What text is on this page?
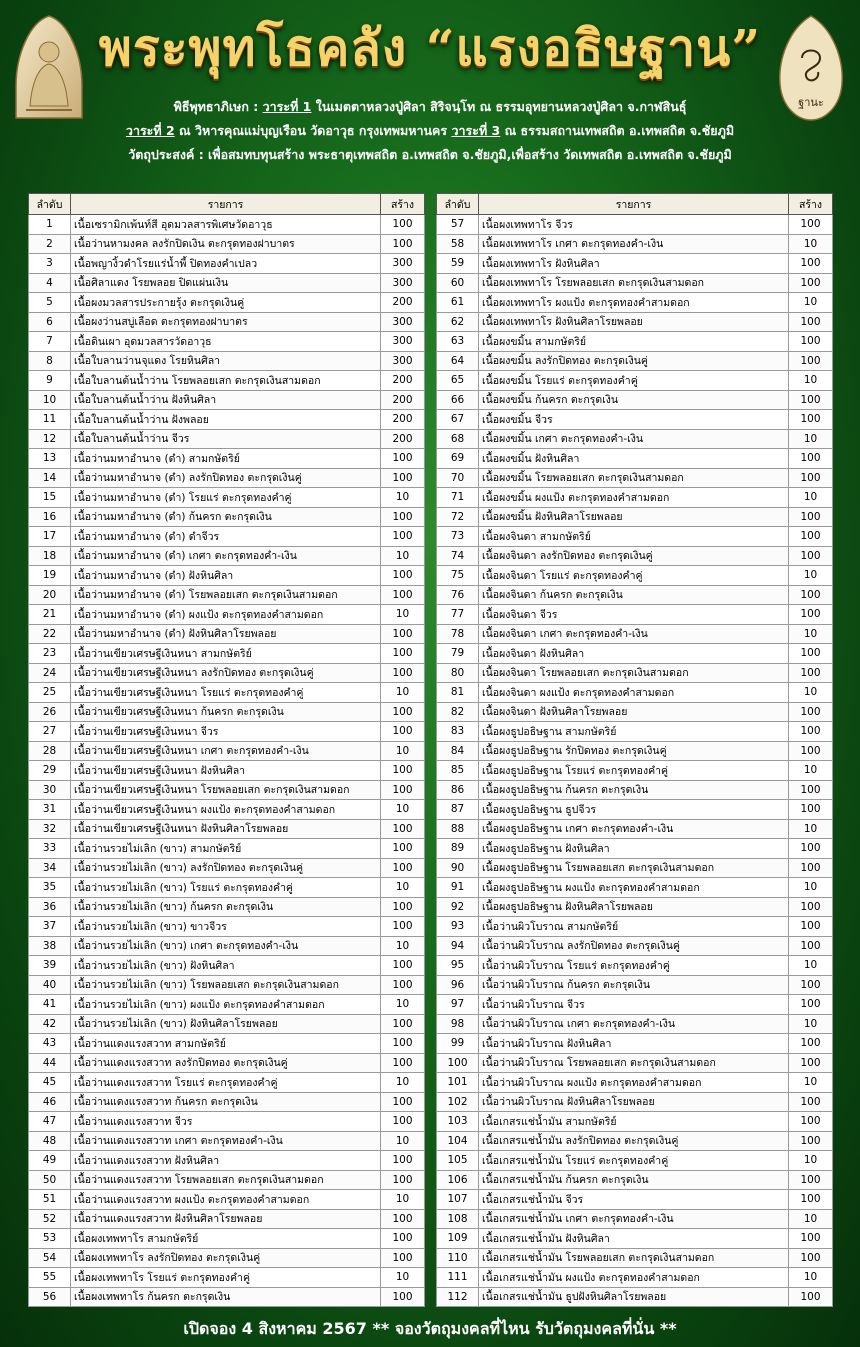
พระพุทโธคลัง “แรงอธิษฐาน”
ฐานะ
พิธีพุทธาภิเษก : วาระที่ 1 ในเมตตาหลวงปู่ศิลา สิริจนฺโท ณ ธรรมอุทยานหลวงปู่ศิลา จ.กาฬสินธุ์
วาระที่ 2 ณ วิหารคุณแม่บุญเรือน วัดอาวุธ กรุงเทพมหานคร วาระที่ 3 ณ ธรรมสถานเทพสถิต อ.เทพสถิต จ.ชัยภูมิ
วัตถุประสงค์ : เพื่อสมทบทุนสร้าง พระธาตุเทพสถิต อ.เทพสถิต จ.ชัยภูมิ,เพื่อสร้าง วัดเทพสถิต อ.เทพสถิต จ.ชัยภูมิ
ลำดับ	รายการ	สร้าง
1	เนื้อเซรามิกเพ้นท์สี อุดมวลสารพิเศษวัดอาวุธ	100
2	เนื้อว่านหามงคล ลงรักปิดเงิน ตะกรุดทองฝาบาตร	100
3	เนื้อพญางิ้วดำโรยแร่น้ำพี้ ปิดทองคำเปลว	300
4	เนื้อศิลาแดง โรยพลอย ปิดแผ่นเงิน	300
5	เนื้อผงมวลสารประกายรุ้ง ตะกรุดเงินคู่	200
6	เนื้อผงว่านสบู่เลือด ตะกรุดทองฝาบาตร	300
7	เนื้อดินเผา อุดมวลสารวัดอาวุธ	300
8	เนื้อใบลานว่านจุแดง โรยหินศิลา	300
9	เนื้อใบลานต้นน้ำว่าน โรยพลอยเสก ตะกรุดเงินสามดอก	200
10	เนื้อใบลานต้นน้ำว่าน ฝังหินศิลา	200
11	เนื้อใบลานต้นน้ำว่าน ฝังพลอย	200
12	เนื้อใบลานต้นน้ำว่าน จีวร	200
13	เนื้อว่านมหาอำนาจ (ดำ) สามกษัตริย์	100
14	เนื้อว่านมหาอำนาจ (ดำ) ลงรักปิดทอง ตะกรุดเงินคู่	100
15	เนื้อว่านมหาอำนาจ (ดำ) โรยแร่ ตะกรุดทองคำคู่	10
16	เนื้อว่านมหาอำนาจ (ดำ) ก้นครก ตะกรุดเงิน	100
17	เนื้อว่านมหาอำนาจ (ดำ) ดำจีวร	100
18	เนื้อว่านมหาอำนาจ (ดำ) เกศา ตะกรุดทองคำ-เงิน	10
19	เนื้อว่านมหาอำนาจ (ดำ) ฝังหินศิลา	100
20	เนื้อว่านมหาอำนาจ (ดำ) โรยพลอยเสก ตะกรุดเงินสามดอก	100
21	เนื้อว่านมหาอำนาจ (ดำ) ผงแป้ง ตะกรุดทองคำสามดอก	10
22	เนื้อว่านมหาอำนาจ (ดำ) ฝังหินศิลาโรยพลอย	100
23	เนื้อว่านเขียวเศรษฐีเงินหนา สามกษัตริย์	100
24	เนื้อว่านเขียวเศรษฐีเงินหนา ลงรักปิดทอง ตะกรุดเงินคู่	100
25	เนื้อว่านเขียวเศรษฐีเงินหนา โรยแร่ ตะกรุดทองคำคู่	10
26	เนื้อว่านเขียวเศรษฐีเงินหนา ก้นครก ตะกรุดเงิน	100
27	เนื้อว่านเขียวเศรษฐีเงินหนา จีวร	100
28	เนื้อว่านเขียวเศรษฐีเงินหนา เกศา ตะกรุดทองคำ-เงิน	10
29	เนื้อว่านเขียวเศรษฐีเงินหนา ฝังหินศิลา	100
30	เนื้อว่านเขียวเศรษฐีเงินหนา โรยพลอยเสก ตะกรุดเงินสามดอก	100
31	เนื้อว่านเขียวเศรษฐีเงินหนา ผงแป้ง ตะกรุดทองคำสามดอก	10
32	เนื้อว่านเขียวเศรษฐีเงินหนา ฝังหินศิลาโรยพลอย	100
33	เนื้อว่านรวยไม่เลิก (ขาว) สามกษัตริย์	100
34	เนื้อว่านรวยไม่เลิก (ขาว) ลงรักปิดทอง ตะกรุดเงินคู่	100
35	เนื้อว่านรวยไม่เลิก (ขาว) โรยแร่ ตะกรุดทองคำคู่	10
36	เนื้อว่านรวยไม่เลิก (ขาว) ก้นครก ตะกรุดเงิน	100
37	เนื้อว่านรวยไม่เลิก (ขาว) ขาวจีวร	100
38	เนื้อว่านรวยไม่เลิก (ขาว) เกศา ตะกรุดทองคำ-เงิน	10
39	เนื้อว่านรวยไม่เลิก (ขาว) ฝังหินศิลา	100
40	เนื้อว่านรวยไม่เลิก (ขาว) โรยพลอยเสก ตะกรุดเงินสามดอก	100
41	เนื้อว่านรวยไม่เลิก (ขาว) ผงแป้ง ตะกรุดทองคำสามดอก	10
42	เนื้อว่านรวยไม่เลิก (ขาว) ฝังหินศิลาโรยพลอย	100
43	เนื้อว่านแดงแรงสวาท สามกษัตริย์	100
44	เนื้อว่านแดงแรงสวาท ลงรักปิดทอง ตะกรุดเงินคู่	100
45	เนื้อว่านแดงแรงสวาท โรยแร่ ตะกรุดทองคำคู่	10
46	เนื้อว่านแดงแรงสวาท ก้นครก ตะกรุดเงิน	100
47	เนื้อว่านแดงแรงสวาท จีวร	100
48	เนื้อว่านแดงแรงสวาท เกศา ตะกรุดทองคำ-เงิน	10
49	เนื้อว่านแดงแรงสวาท ฝังหินศิลา	100
50	เนื้อว่านแดงแรงสวาท โรยพลอยเสก ตะกรุดเงินสามดอก	100
51	เนื้อว่านแดงแรงสวาท ผงแป้ง ตะกรุดทองคำสามดอก	10
52	เนื้อว่านแดงแรงสวาท ฝังหินศิลาโรยพลอย	100
53	เนื้อผงเทพทาโร สามกษัตริย์	100
54	เนื้อผงเทพทาโร ลงรักปิดทอง ตะกรุดเงินคู่	100
55	เนื้อผงเทพทาโร โรยแร่ ตะกรุดทองคำคู่	10
56	เนื้อผงเทพทาโร ก้นครก ตะกรุดเงิน	100
ลำดับ	รายการ	สร้าง
57	เนื้อผงเทพทาโร จีวร	100
58	เนื้อผงเทพทาโร เกศา ตะกรุดทองคำ-เงิน	10
59	เนื้อผงเทพทาโร ฝังหินศิลา	100
60	เนื้อผงเทพทาโร โรยพลอยเสก ตะกรุดเงินสามดอก	100
61	เนื้อผงเทพทาโร ผงแป้ง ตะกรุดทองคำสามดอก	10
62	เนื้อผงเทพทาโร ฝังหินศิลาโรยพลอย	100
63	เนื้อผงขมิ้น สามกษัตริย์	100
64	เนื้อผงขมิ้น ลงรักปิดทอง ตะกรุดเงินคู่	100
65	เนื้อผงขมิ้น โรยแร่ ตะกรุดทองคำคู่	10
66	เนื้อผงขมิ้น ก้นครก ตะกรุดเงิน	100
67	เนื้อผงขมิ้น จีวร	100
68	เนื้อผงขมิ้น เกศา ตะกรุดทองคำ-เงิน	10
69	เนื้อผงขมิ้น ฝังหินศิลา	100
70	เนื้อผงขมิ้น โรยพลอยเสก ตะกรุดเงินสามดอก	100
71	เนื้อผงขมิ้น ผงแป้ง ตะกรุดทองคำสามดอก	10
72	เนื้อผงขมิ้น ฝังหินศิลาโรยพลอย	100
73	เนื้อผงจินดา สามกษัตริย์	100
74	เนื้อผงจินดา ลงรักปิดทอง ตะกรุดเงินคู่	100
75	เนื้อผงจินดา โรยแร่ ตะกรุดทองคำคู่	10
76	เนื้อผงจินดา ก้นครก ตะกรุดเงิน	100
77	เนื้อผงจินดา จีวร	100
78	เนื้อผงจินดา เกศา ตะกรุดทองคำ-เงิน	10
79	เนื้อผงจินดา ฝังหินศิลา	100
80	เนื้อผงจินดา โรยพลอยเสก ตะกรุดเงินสามดอก	100
81	เนื้อผงจินดา ผงแป้ง ตะกรุดทองคำสามดอก	10
82	เนื้อผงจินดา ฝังหินศิลาโรยพลอย	100
83	เนื้อผงธูปอธิษฐาน สามกษัตริย์	100
84	เนื้อผงธูปอธิษฐาน รักปิดทอง ตะกรุดเงินคู่	100
85	เนื้อผงธูปอธิษฐาน โรยแร่ ตะกรุดทองคำคู่	10
86	เนื้อผงธูปอธิษฐาน ก้นครก ตะกรุดเงิน	100
87	เนื้อผงธูปอธิษฐาน ธูปจีวร	100
88	เนื้อผงธูปอธิษฐาน เกศา ตะกรุดทองคำ-เงิน	10
89	เนื้อผงธูปอธิษฐาน ฝังหินศิลา	100
90	เนื้อผงธูปอธิษฐาน โรยพลอยเสก ตะกรุดเงินสามดอก	100
91	เนื้อผงธูปอธิษฐาน ผงแป้ง ตะกรุดทองคำสามดอก	10
92	เนื้อผงธูปอธิษฐาน ฝังหินศิลาโรยพลอย	100
93	เนื้อว่านผิวโบราณ สามกษัตริย์	100
94	เนื้อว่านผิวโบราณ ลงรักปิดทอง ตะกรุดเงินคู่	100
95	เนื้อว่านผิวโบราณ โรยแร่ ตะกรุดทองคำคู่	10
96	เนื้อว่านผิวโบราณ ก้นครก ตะกรุดเงิน	100
97	เนื้อว่านผิวโบราณ จีวร	100
98	เนื้อว่านผิวโบราณ เกศา ตะกรุดทองคำ-เงิน	10
99	เนื้อว่านผิวโบราณ ฝังหินศิลา	100
100	เนื้อว่านผิวโบราณ โรยพลอยเสก ตะกรุดเงินสามดอก	100
101	เนื้อว่านผิวโบราณ ผงแป้ง ตะกรุดทองคำสามดอก	10
102	เนื้อว่านผิวโบราณ ฝังหินศิลาโรยพลอย	100
103	เนื้อเกสรแช่น้ำมัน สามกษัตริย์	100
104	เนื้อเกสรแช่น้ำมัน ลงรักปิดทอง ตะกรุดเงินคู่	100
105	เนื้อเกสรแช่น้ำมัน โรยแร่ ตะกรุดทองคำคู่	10
106	เนื้อเกสรแช่น้ำมัน ก้นครก ตะกรุดเงิน	100
107	เนื้อเกสรแช่น้ำมัน จีวร	100
108	เนื้อเกสรแช่น้ำมัน เกศา ตะกรุดทองคำ-เงิน	10
109	เนื้อเกสรแช่น้ำมัน ฝังหินศิลา	100
110	เนื้อเกสรแช่น้ำมัน โรยพลอยเสก ตะกรุดเงินสามดอก	100
111	เนื้อเกสรแช่น้ำมัน ผงแป้ง ตะกรุดทองคำสามดอก	10
112	เนื้อเกสรแช่น้ำมัน ธูปฝังหินศิลาโรยพลอย	100
เปิดจอง 4 สิงหาคม 2567 ** จองวัตถุมงคลที่ไหน รับวัตถุมงคลที่นั่น **
